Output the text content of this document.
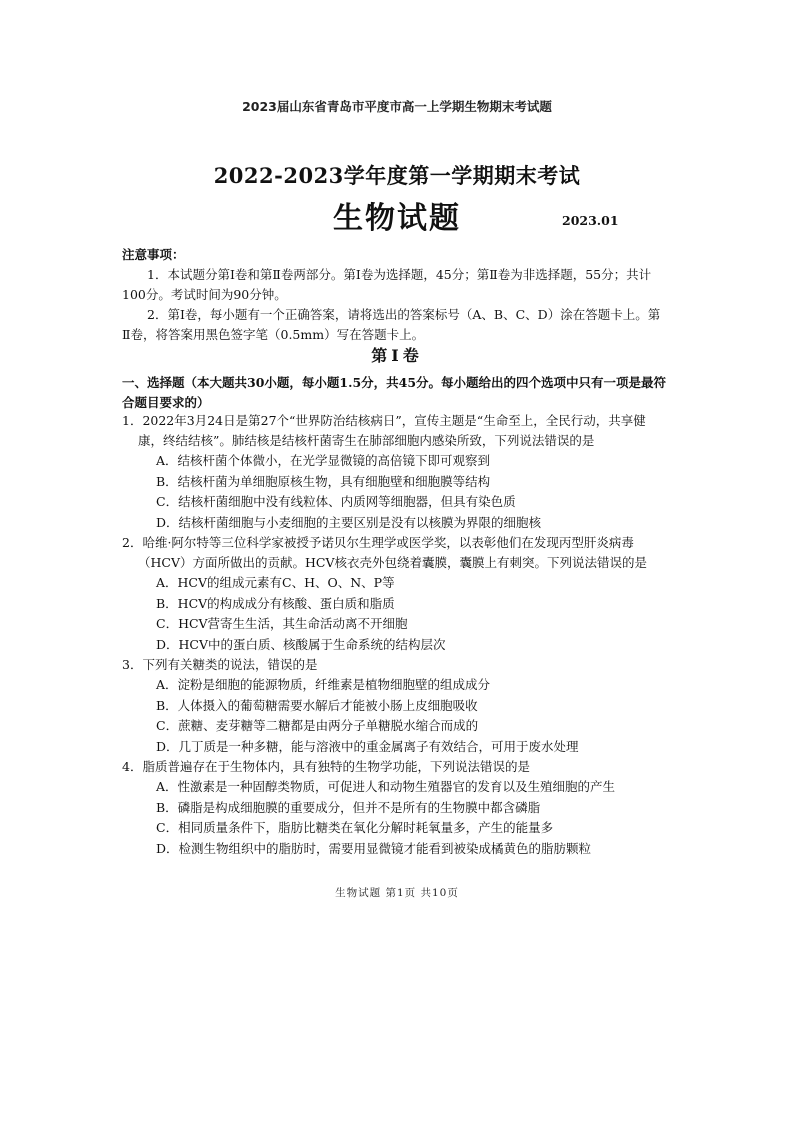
2023届山东省青岛市平度市高一上学期生物期末考试题
2022-2023学年度第一学期期末考试
生物试题	2023.01

注意事项：

1．本试题分第Ⅰ卷和第Ⅱ卷两部分。第Ⅰ卷为选择题，45分；第Ⅱ卷为非选择题，55分；共计100分。考试时间为90分钟。

2．第Ⅰ卷，每小题有一个正确答案，请将选出的答案标号（A、B、C、D）涂在答题卡上。第Ⅱ卷，将答案用黑色签字笔（0.5mm）写在答题卡上。

第Ⅰ卷
一、选择题（本大题共30小题，每小题1.5分，共45分。每小题给出的四个选项中只有一项是最符合题目要求的）
1．2022年3月24日是第27个“世界防治结核病日”，宣传主题是“生命至上，全民行动，共享健康，终结结核”。肺结核是结核杆菌寄生在肺部细胞内感染所致，下列说法错误的是
A．结核杆菌个体微小，在光学显微镜的高倍镜下即可观察到
B．结核杆菌为单细胞原核生物，具有细胞壁和细胞膜等结构
C．结核杆菌细胞中没有线粒体、内质网等细胞器，但具有染色质
D．结核杆菌细胞与小麦细胞的主要区别是没有以核膜为界限的细胞核
2．哈维·阿尔特等三位科学家被授予诺贝尔生理学或医学奖，以表彰他们在发现丙型肝炎病毒（HCV）方面所做出的贡献。HCV核衣壳外包绕着囊膜，囊膜上有刺突。下列说法错误的是
A．HCV的组成元素有C、H、O、N、P等
B．HCV的构成成分有核酸、蛋白质和脂质
C．HCV营寄生生活，其生命活动离不开细胞
D．HCV中的蛋白质、核酸属于生命系统的结构层次
3．下列有关糖类的说法，错误的是
A．淀粉是细胞的能源物质，纤维素是植物细胞壁的组成成分
B．人体摄入的葡萄糖需要水解后才能被小肠上皮细胞吸收
C．蔗糖、麦芽糖等二糖都是由两分子单糖脱水缩合而成的
D．几丁质是一种多糖，能与溶液中的重金属离子有效结合，可用于废水处理
4．脂质普遍存在于生物体内，具有独特的生物学功能，下列说法错误的是
A．性激素是一种固醇类物质，可促进人和动物生殖器官的发育以及生殖细胞的产生
B．磷脂是构成细胞膜的重要成分，但并不是所有的生物膜中都含磷脂
C．相同质量条件下，脂肪比糖类在氧化分解时耗氧量多，产生的能量多
D．检测生物组织中的脂肪时，需要用显微镜才能看到被染成橘黄色的脂肪颗粒
生物试题 第1页 共10页
